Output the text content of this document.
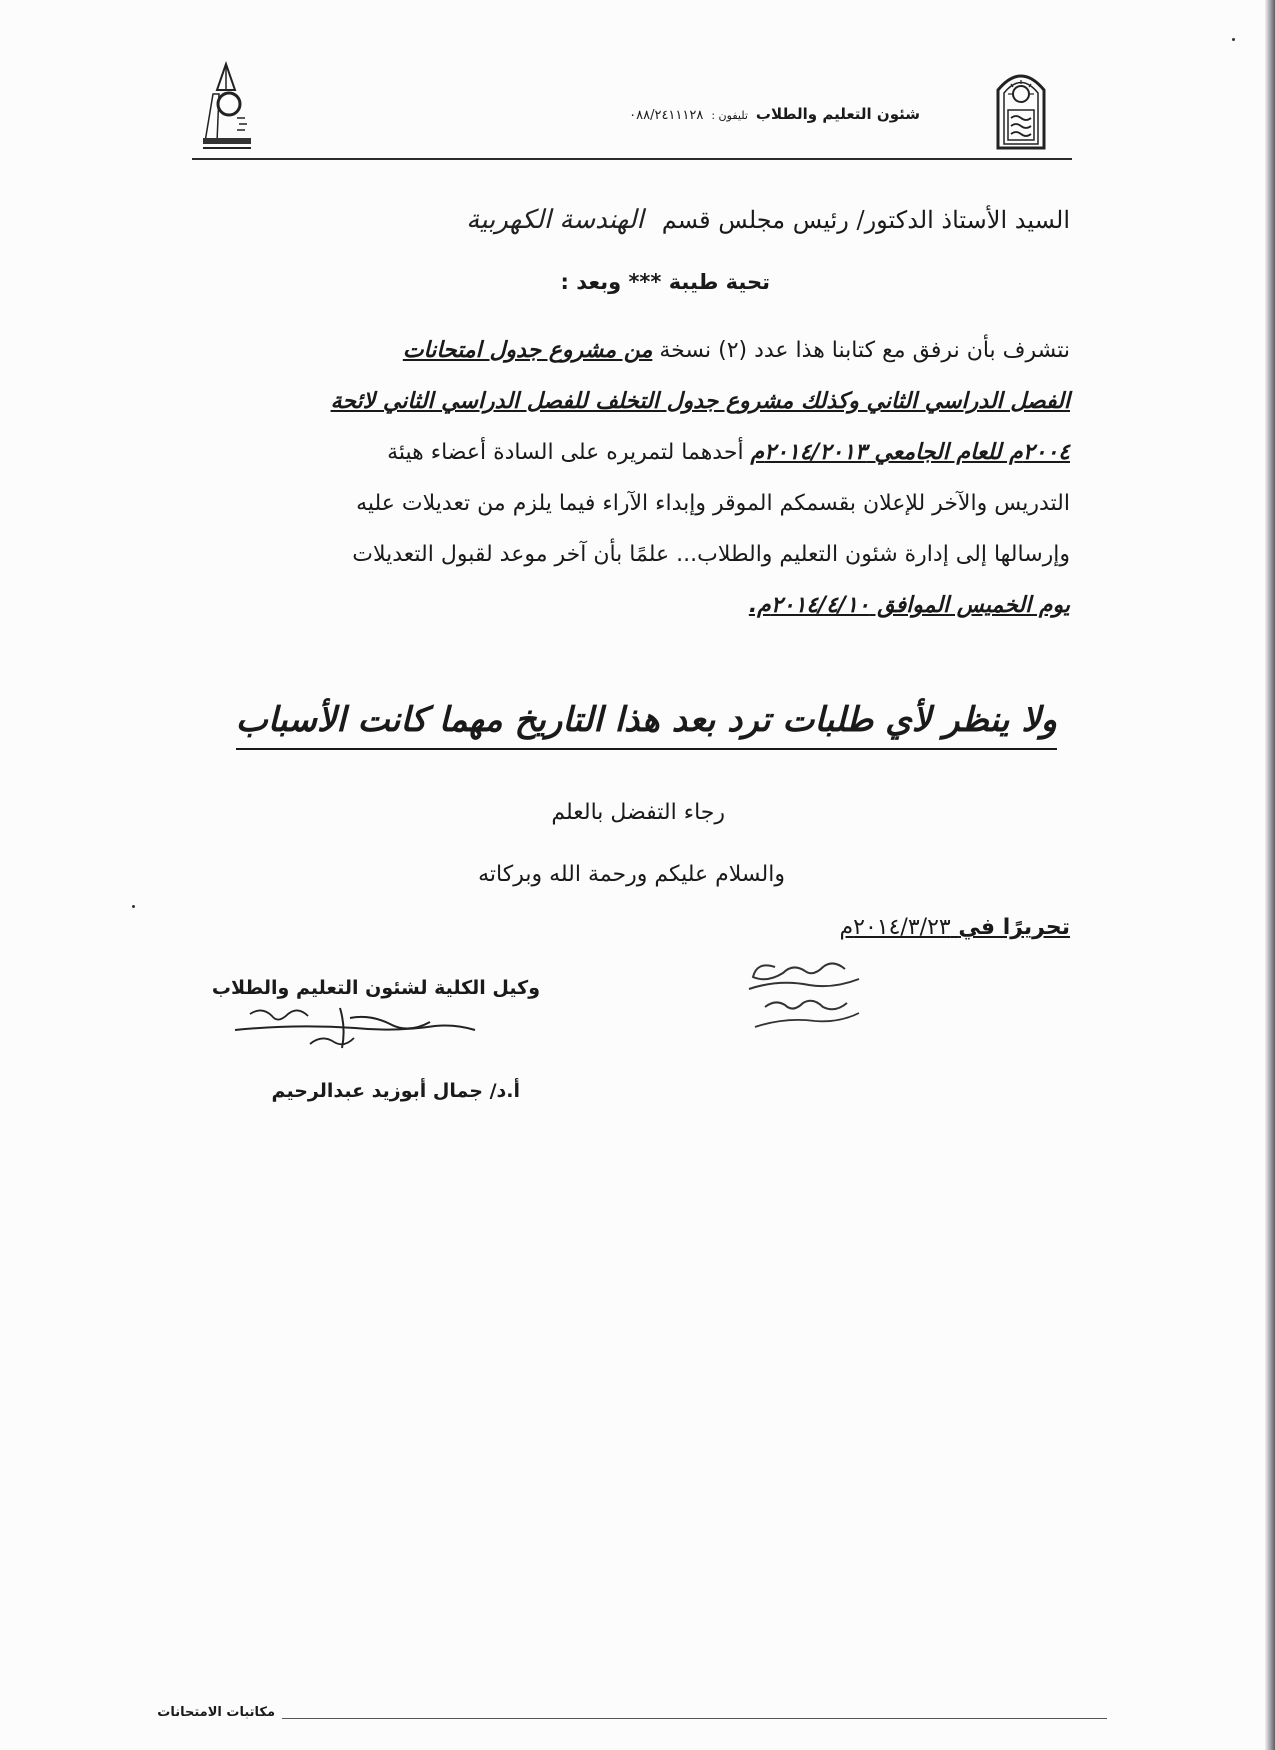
شئون التعليم والطلاب
تليفون :
٠٨٨/٢٤١١١٢٨
السيد الأستاذ الدكتور/ رئيس مجلس قسم
الهندسة الكهربية
تحية طيبة *** وبعد :

نتشرف بأن نرفق مع كتابنا هذا عدد (٢) نسخة من مشروع جدول امتحانات

الفصل الدراسي الثاني وكذلك مشروع جدول التخلف للفصل الدراسي الثاني لائحة

٢٠٠٤م للعام الجامعي ٢٠١٤/٢٠١٣م أحدهما لتمريره على السادة أعضاء هيئة

التدريس والآخر للإعلان بقسمكم الموقر وإبداء الآراء فيما يلزم من تعديلات عليه

وإرسالها إلى إدارة شئون التعليم والطلاب... علمًا بأن آخر موعد لقبول التعديلات

يوم الخميس الموافق ٢٠١٤/٤/١٠م.

ولا ينظر لأي طلبات ترد بعد هذا التاريخ مهما كانت الأسباب
رجاء التفضل بالعلم
والسلام عليكم ورحمة الله وبركاته
تحريرًا في ٢٠١٤/٣/٢٣م
وكيل الكلية لشئون التعليم والطلاب
أ.د/ جمال أبوزيد عبدالرحيم
مكاتبات الامتحانات
